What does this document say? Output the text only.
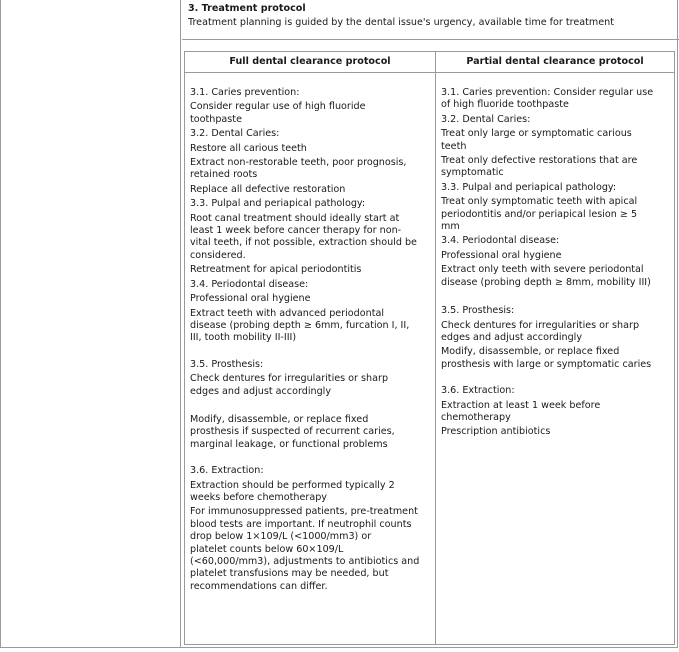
3. Treatment protocol
Treatment planning is guided by the dental issue's urgency, available time for treatment
Full dental clearance protocol
3.1. Caries prevention:
Consider regular use of high fluoride
toothpaste
3.2. Dental Caries:
Restore all carious teeth
Extract non-restorable teeth, poor prognosis,
retained roots
Replace all defective restoration
3.3. Pulpal and periapical pathology:
Root canal treatment should ideally start at
least 1 week before cancer therapy for non-
vital teeth, if not possible, extraction should be
considered.
Retreatment for apical periodontitis
3.4. Periodontal disease:
Professional oral hygiene
Extract teeth with advanced periodontal
disease (probing depth ≥ 6mm, furcation I, II,
III, tooth mobility II-III)
3.5. Prosthesis:
Check dentures for irregularities or sharp
edges and adjust accordingly
Modify, disassemble, or replace fixed
prosthesis if suspected of recurrent caries,
marginal leakage, or functional problems
3.6. Extraction:
Extraction should be performed typically 2
weeks before chemotherapy
For immunosuppressed patients, pre-treatment
blood tests are important. If neutrophil counts
drop below 1×109/L (<1000/mm3) or
platelet counts below 60×109/L
(<60,000/mm3), adjustments to antibiotics and
platelet transfusions may be needed, but
recommendations can differ.
Partial dental clearance protocol
3.1. Caries prevention: Consider regular use
of high fluoride toothpaste
3.2. Dental Caries:
Treat only large or symptomatic carious
teeth
Treat only defective restorations that are
symptomatic
3.3. Pulpal and periapical pathology:
Treat only symptomatic teeth with apical
periodontitis and/or periapical lesion ≥ 5
mm
3.4. Periodontal disease:
Professional oral hygiene
Extract only teeth with severe periodontal
disease (probing depth ≥ 8mm, mobility III)
3.5. Prosthesis:
Check dentures for irregularities or sharp
edges and adjust accordingly
Modify, disassemble, or replace fixed
prosthesis with large or symptomatic caries
3.6. Extraction:
Extraction at least 1 week before
chemotherapy
Prescription antibiotics
